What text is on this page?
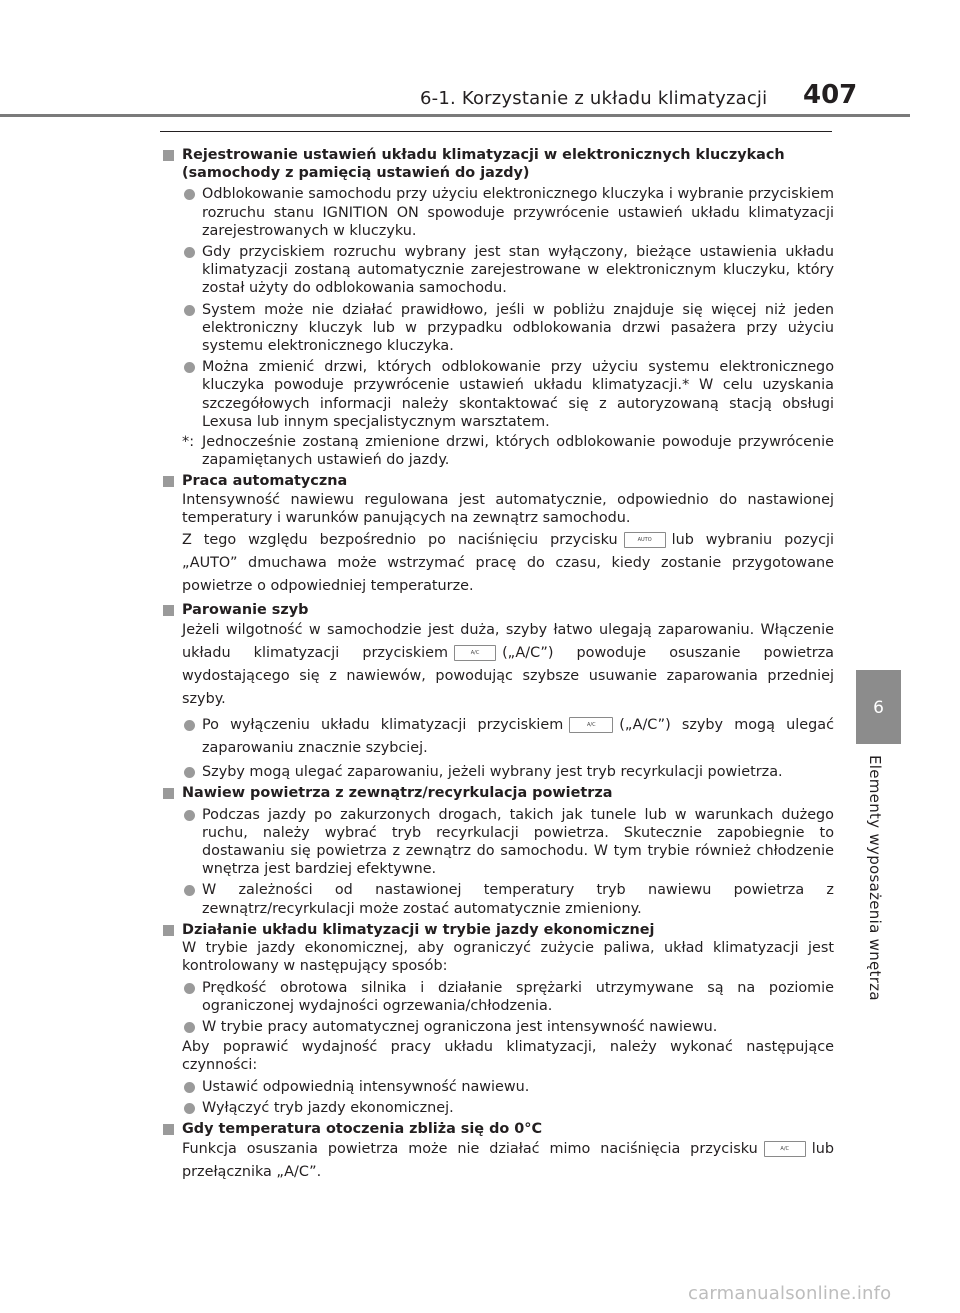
6-1. Korzystanie z układu klimatyzacji 407
6
Elementy wyposażenia wnętrza
Rejestrowanie ustawień układu klimatyzacji w elektronicznych kluczykach (samochody z pamięcią ustawień do jazdy)
Odblokowanie samochodu przy użyciu elektronicznego kluczyka i wybranie przyciskiem rozruchu stanu IGNITION ON spowoduje przywrócenie ustawień układu klimatyzacji zarejestrowanych w kluczyku.
Gdy przyciskiem rozruchu wybrany jest stan wyłączony, bieżące ustawienia układu klimatyzacji zostaną automatycznie zarejestrowane w elektronicznym kluczyku, który został użyty do odblokowania samochodu.
System może nie działać prawidłowo, jeśli w pobliżu znajduje się więcej niż jeden elektroniczny kluczyk lub w przypadku odblokowania drzwi pasażera przy użyciu systemu elektronicznego kluczyka.
Można zmienić drzwi, których odblokowanie przy użyciu systemu elektronicznego kluczyka powoduje przywrócenie ustawień układu klimatyzacji.* W celu uzyskania szczegółowych informacji należy skontaktować się z autoryzowaną stacją obsługi Lexusa lub innym specjalistycznym warsztatem.
*: Jednocześnie zostaną zmienione drzwi, których odblokowanie powoduje przywrócenie zapamiętanych ustawień do jazdy.
Praca automatyczna
Intensywność nawiewu regulowana jest automatycznie, odpowiednio do nastawionej temperatury i warunków panujących na zewnątrz samochodu.
Z tego względu bezpośrednio po naciśnięciu przycisku	AUTO lub wybraniu pozycji „AUTO” dmuchawa może wstrzymać pracę do czasu, kiedy zostanie przygotowane powietrze o odpowiedniej temperaturze.
Parowanie szyb
Jeżeli wilgotność w samochodzie jest duża, szyby łatwo ulegają zaparowaniu. Włączenie układu klimatyzacji przyciskiem	A/C („A/C”) powoduje osuszanie powietrza wydostającego się z nawiewów, powodując szybsze usuwanie zaparowania przedniej szyby.
Po wyłączeniu układu klimatyzacji przyciskiem	A/C („A/C”) szyby mogą ulegać zaparowaniu znacznie szybciej.
Szyby mogą ulegać zaparowaniu, jeżeli wybrany jest tryb recyrkulacji powietrza.
Nawiew powietrza z zewnątrz/recyrkulacja powietrza
Podczas jazdy po zakurzonych drogach, takich jak tunele lub w warunkach dużego ruchu, należy wybrać tryb recyrkulacji powietrza. Skutecznie zapobiegnie to dostawaniu się powietrza z zewnątrz do samochodu. W tym trybie również chłodzenie wnętrza jest bardziej efektywne.
W zależności od nastawionej temperatury tryb nawiewu powietrza z zewnątrz/recyrkulacji może zostać automatycznie zmieniony.
Działanie układu klimatyzacji w trybie jazdy ekonomicznej
W trybie jazdy ekonomicznej, aby ograniczyć zużycie paliwa, układ klimatyzacji jest kontrolowany w następujący sposób:
Prędkość obrotowa silnika i działanie sprężarki utrzymywane są na poziomie ograniczonej wydajności ogrzewania/chłodzenia.
W trybie pracy automatycznej ograniczona jest intensywność nawiewu.
Aby poprawić wydajność pracy układu klimatyzacji, należy wykonać następujące czynności:
Ustawić odpowiednią intensywność nawiewu.
Wyłączyć tryb jazdy ekonomicznej.
Gdy temperatura otoczenia zbliża się do 0°C
Funkcja osuszania powietrza może nie działać mimo naciśnięcia przycisku	A/C lub przełącznika „A/C”.
carmanualsonline.info
